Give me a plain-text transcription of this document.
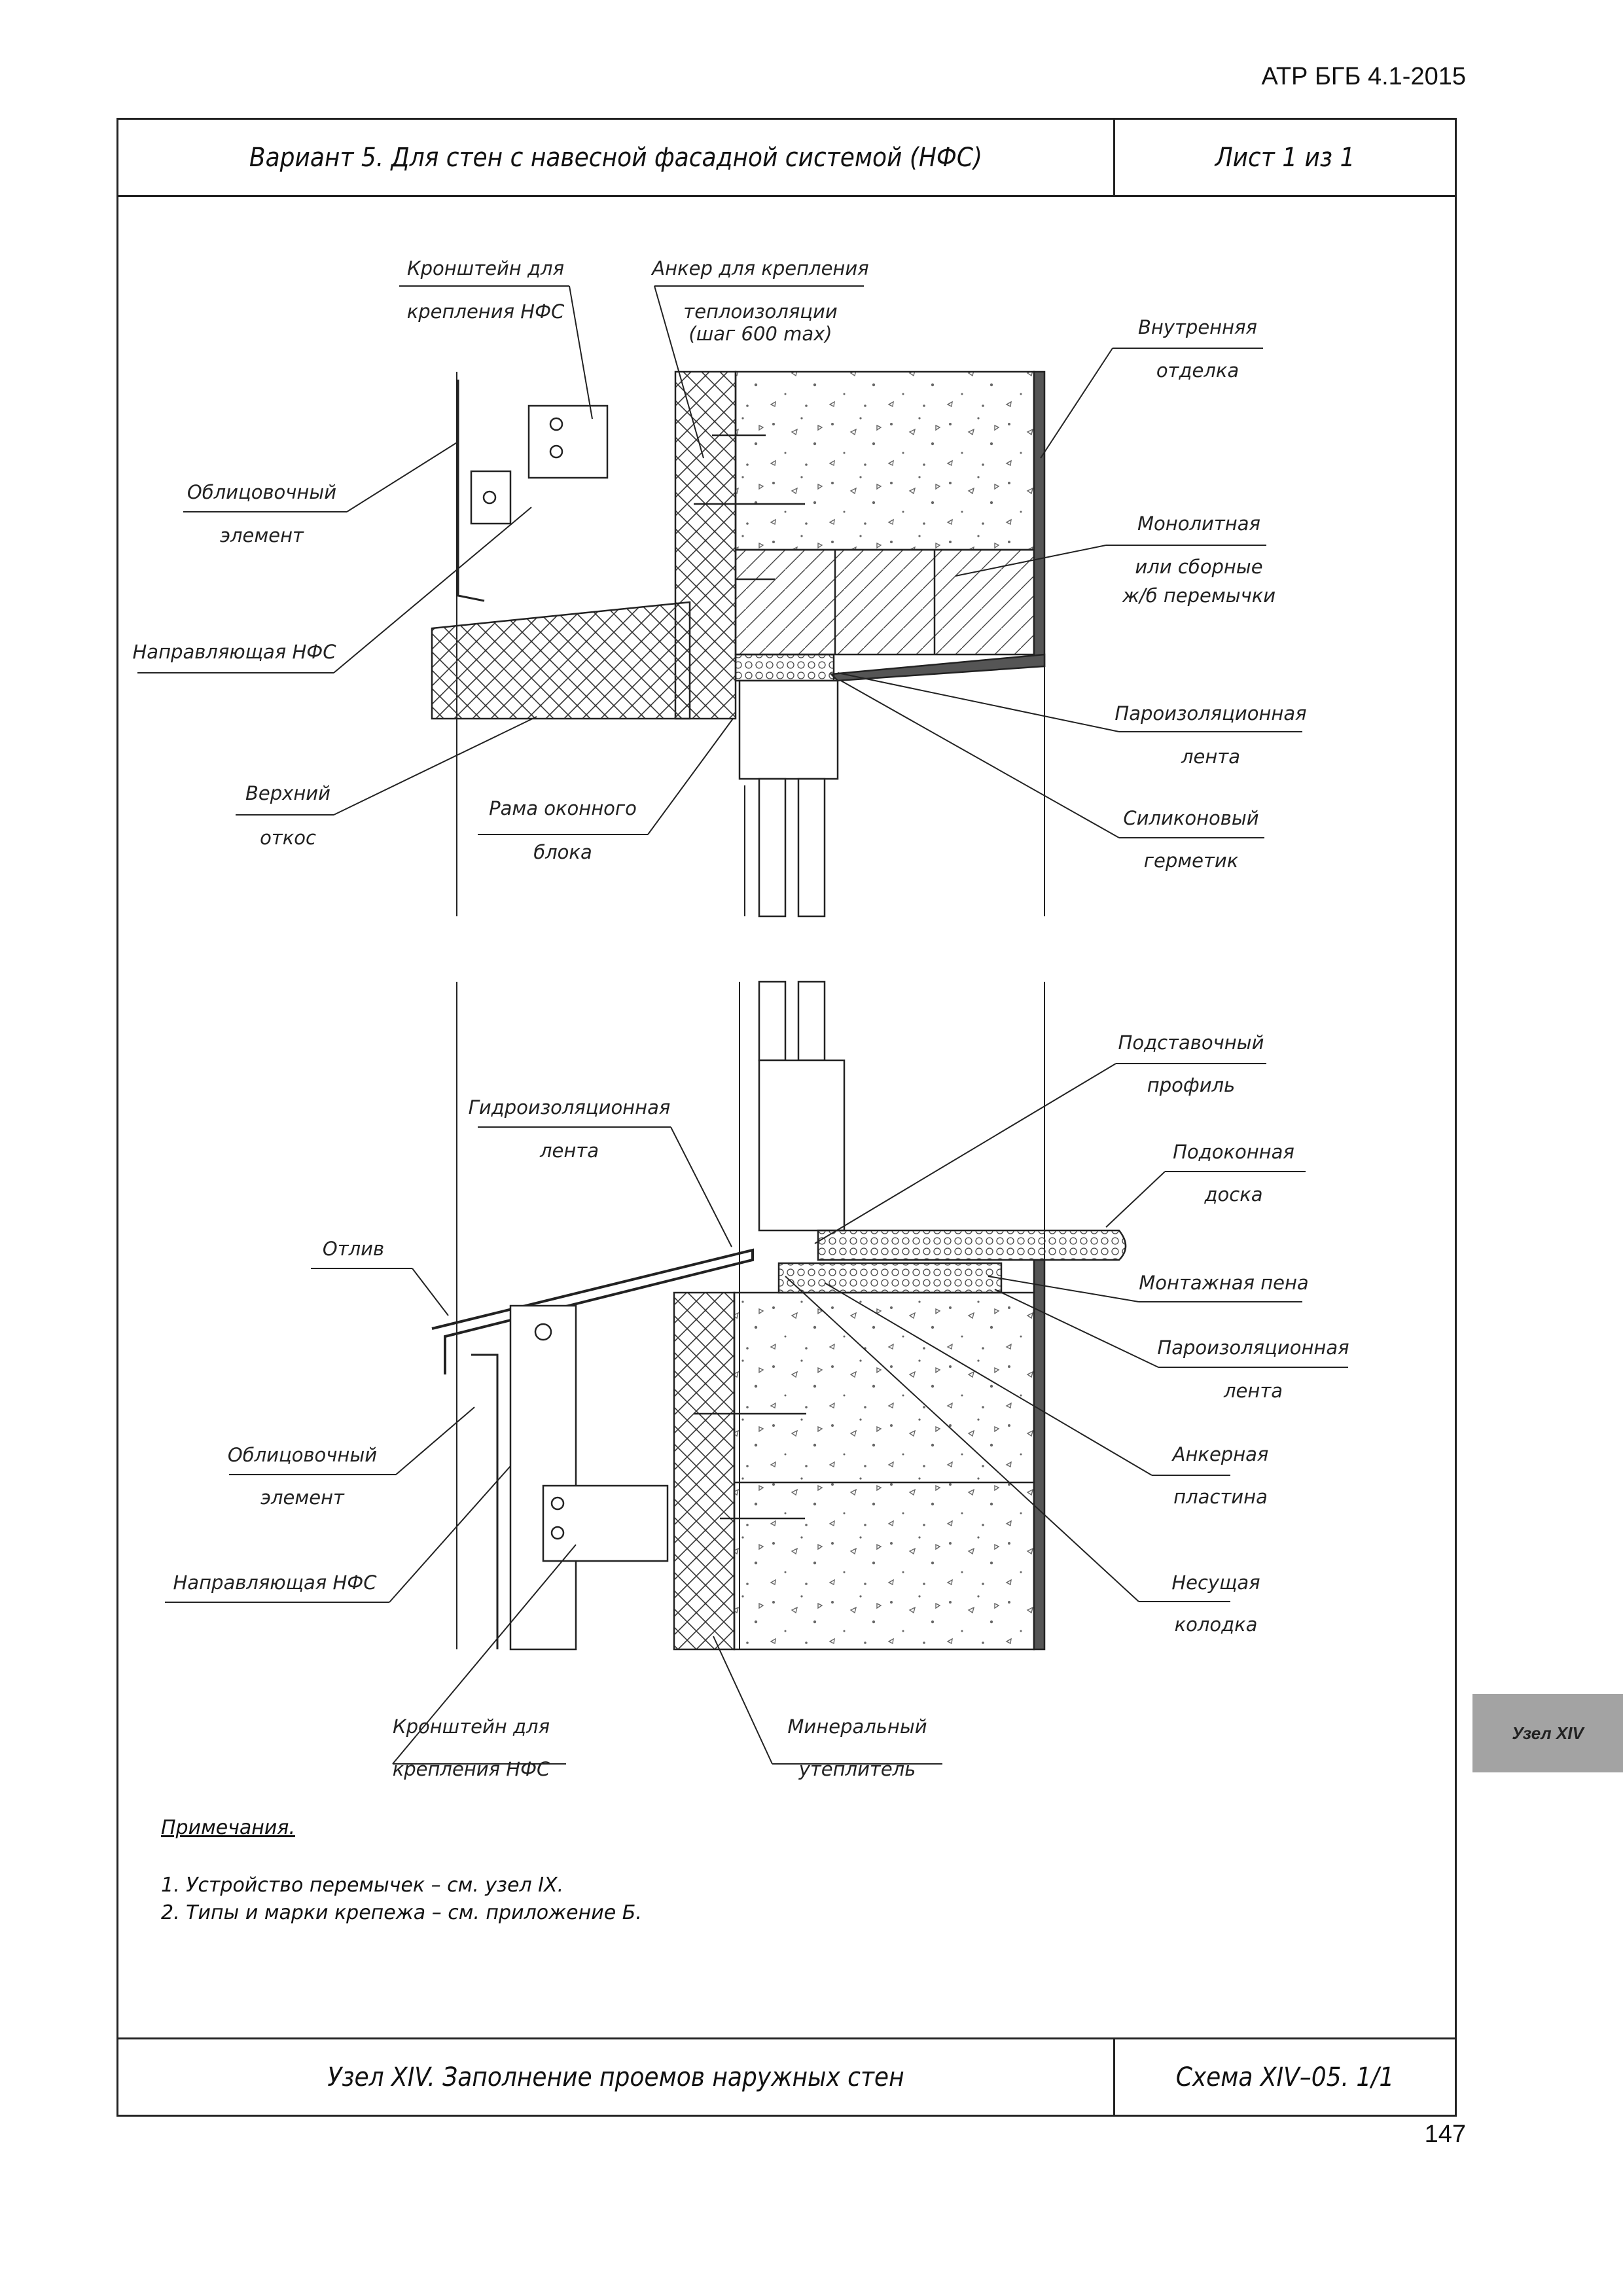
АТР БГБ 4.1-2015
Вариант 5. Для стен с навесной фасадной системой (НФС)	Лист 1 из 1
Узел XIV. Заполнение проемов наружных стен	Схема XIV–05. 1/1
Кронштейн для
крепления НФС
Анкер для крепления
теплоизоляции
(шаг 600 max)	Внутренняя
отделка
Облицовочный
элемент
Монолитная
или сборные
ж/б перемычки
Направляющая НФС
Пароизоляционная
лента
Верхний
откос
Рама оконного
блока
Силиконовый
герметик
Подставочный
профиль
Гидроизоляционная
лента	Подоконная
доска
Отлив
Монтажная пена
Пароизоляционная
лента
Анкерная
пластина
Облицовочный
элемент
Направляющая НФС	Несущая
колодка
Кронштейн для
крепления НФС
Минеральный
утеплитель
Примечания.
1. Устройство перемычек – см. узел IX.
2. Типы и марки крепежа – см. приложение Б.
Узел XIV
147
